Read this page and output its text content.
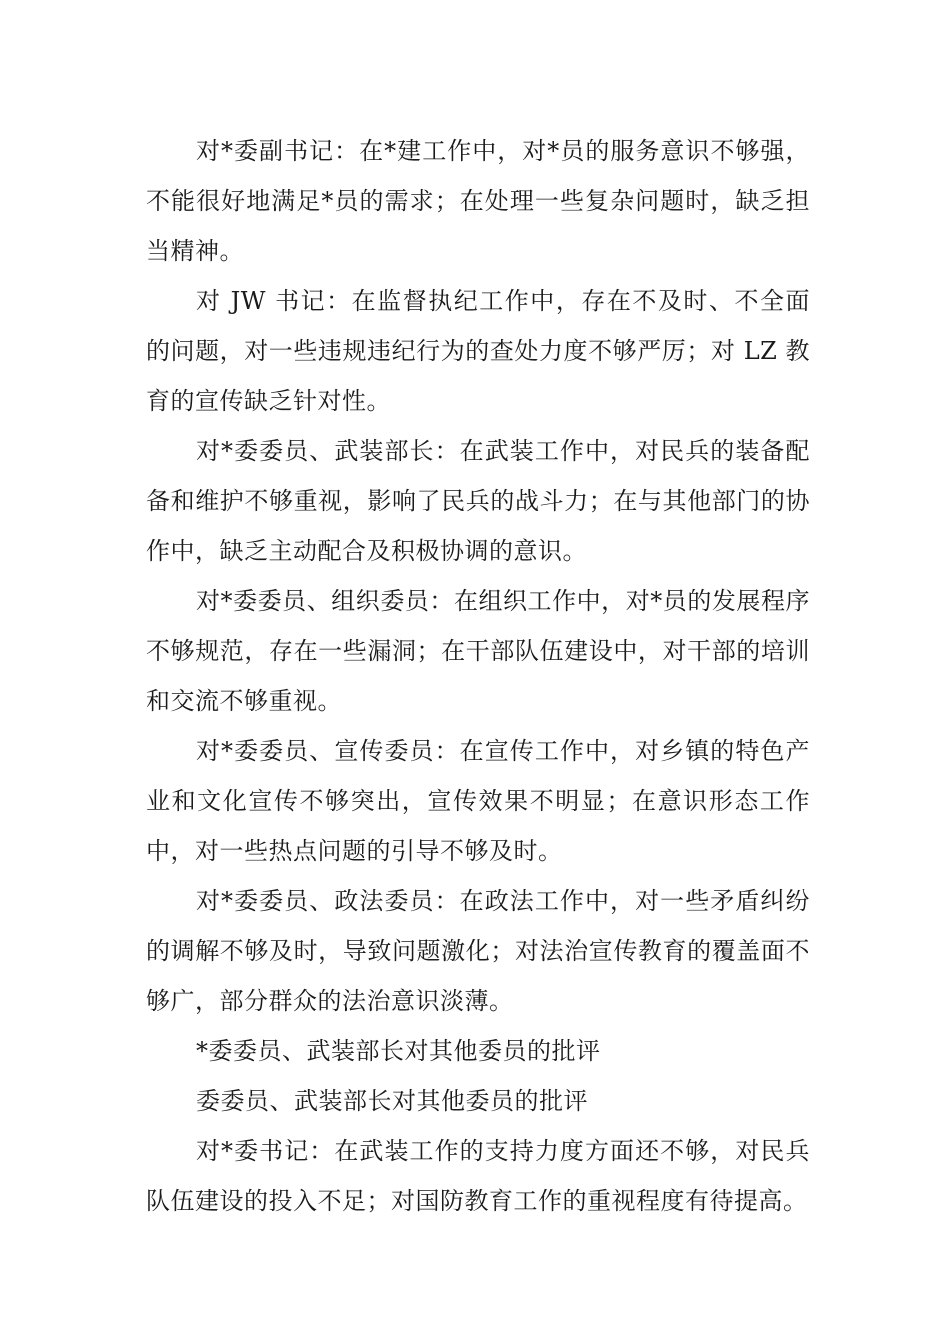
对*委副书记：在*建工作中，对*员的服务意识不够强，不能很好地满足*员的需求；在处理一些复杂问题时，缺乏担当精神。

对 JW 书记：在监督执纪工作中，存在不及时、不全面的问题，对一些违规违纪行为的查处力度不够严厉；对 LZ 教育的宣传缺乏针对性。

对*委委员、武装部长：在武装工作中，对民兵的装备配备和维护不够重视，影响了民兵的战斗力；在与其他部门的协作中，缺乏主动配合及积极协调的意识。

对*委委员、组织委员：在组织工作中，对*员的发展程序不够规范，存在一些漏洞；在干部队伍建设中，对干部的培训和交流不够重视。

对*委委员、宣传委员：在宣传工作中，对乡镇的特色产业和文化宣传不够突出，宣传效果不明显；在意识形态工作中，对一些热点问题的引导不够及时。

对*委委员、政法委员：在政法工作中，对一些矛盾纠纷的调解不够及时，导致问题激化；对法治宣传教育的覆盖面不够广，部分群众的法治意识淡薄。

*委委员、武装部长对其他委员的批评

委委员、武装部长对其他委员的批评

对*委书记：在武装工作的支持力度方面还不够，对民兵队伍建设的投入不足；对国防教育工作的重视程度有待提高。
